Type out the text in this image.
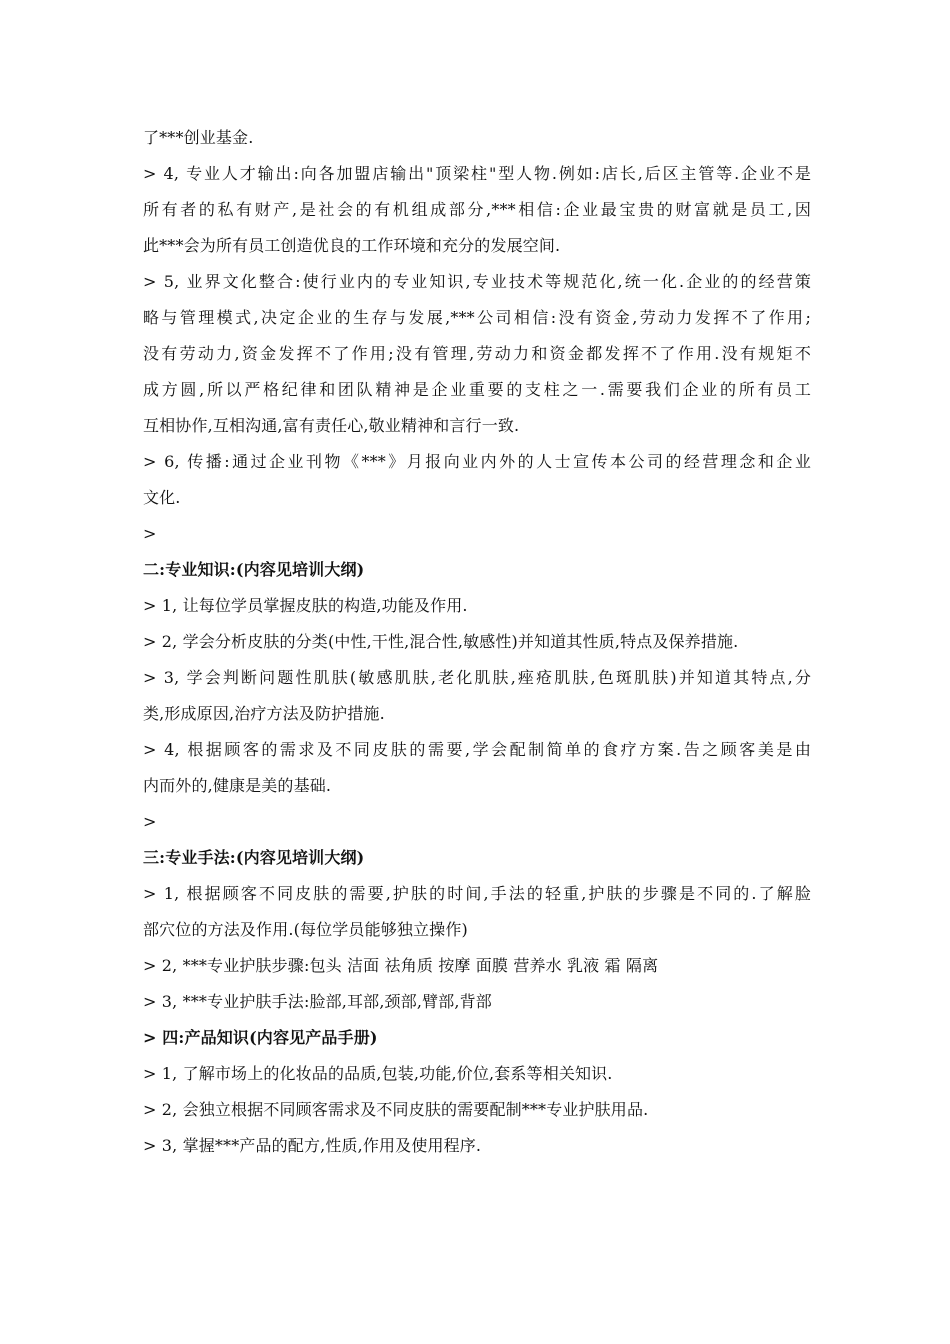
了***创业基金.
> 4, 专业人才输出:向各加盟店输出"顶梁柱"型人物.例如:店长,后区主管等.企业不是
所有者的私有财产,是社会的有机组成部分,***相信:企业最宝贵的财富就是员工,因
此***会为所有员工创造优良的工作环境和充分的发展空间.
> 5, 业界文化整合:使行业内的专业知识,专业技术等规范化,统一化.企业的的经营策
略与管理模式,决定企业的生存与发展,***公司相信:没有资金,劳动力发挥不了作用;
没有劳动力,资金发挥不了作用;没有管理,劳动力和资金都发挥不了作用.没有规矩不
成方圆,所以严格纪律和团队精神是企业重要的支柱之一.需要我们企业的所有员工
互相协作,互相沟通,富有责任心,敬业精神和言行一致.
> 6, 传播:通过企业刊物《***》月报向业内外的人士宣传本公司的经营理念和企业
文化.
>
二:专业知识:(内容见培训大纲)
> 1, 让每位学员掌握皮肤的构造,功能及作用.
> 2, 学会分析皮肤的分类(中性,干性,混合性,敏感性)并知道其性质,特点及保养措施.
> 3, 学会判断问题性肌肤(敏感肌肤,老化肌肤,痤疮肌肤,色斑肌肤)并知道其特点,分
类,形成原因,治疗方法及防护措施.
> 4, 根据顾客的需求及不同皮肤的需要,学会配制简单的食疗方案.告之顾客美是由
内而外的,健康是美的基础.
>
三:专业手法:(内容见培训大纲)
> 1, 根据顾客不同皮肤的需要,护肤的时间,手法的轻重,护肤的步骤是不同的.了解脸
部穴位的方法及作用.(每位学员能够独立操作)
> 2, ***专业护肤步骤:包头 洁面 祛角质 按摩 面膜 营养水 乳液 霜 隔离
> 3, ***专业护肤手法:脸部,耳部,颈部,臂部,背部
> 四:产品知识(内容见产品手册)
> 1, 了解市场上的化妆品的品质,包装,功能,价位,套系等相关知识.
> 2, 会独立根据不同顾客需求及不同皮肤的需要配制***专业护肤用品.
> 3, 掌握***产品的配方,性质,作用及使用程序.
